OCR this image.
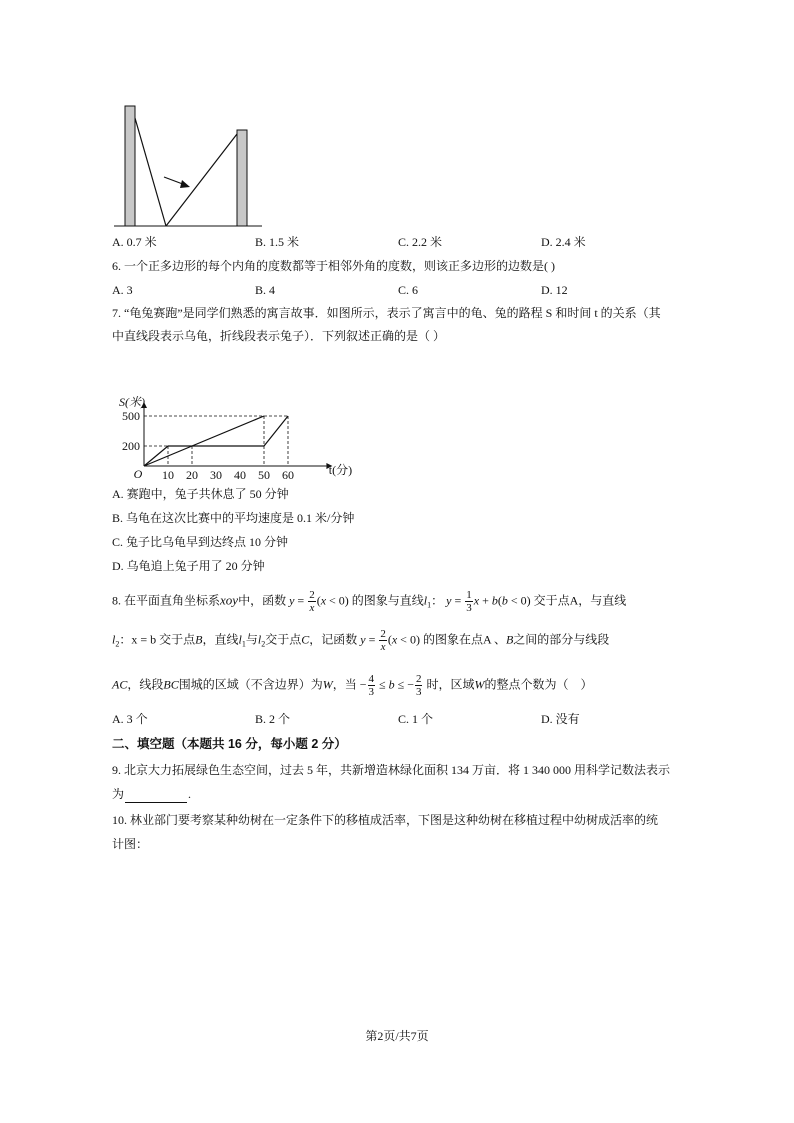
A. 0.7 米	B. 1.5 米	C. 2.2 米	D. 2.4 米
6. 一个正多边形的每个内角的度数都等于相邻外角的度数，则该正多边形的边数是( )
A. 3	B. 4	C. 6	D. 12
7. “龟兔赛跑”是同学们熟悉的寓言故事．如图所示，表示了寓言中的龟、兔的路程 S 和时间 t 的关系（其
中直线段表示乌龟，折线段表示兔子）．下列叙述正确的是（ ）
S(米)
t(分)
O 10 20 30 40 50 60
200
500
A. 赛跑中，兔子共休息了 50 分钟
B. 乌龟在这次比赛中的平均速度是 0.1 米/分钟
C. 兔子比乌龟早到达终点 10 分钟
D. 乌龟追上兔子用了 20 分钟
8. 在平面直角坐标系xoy中，函数 $y = \frac{2}{x} (x < 0)$ 的图象与直线$l_1$： $y = \frac{1}{3}$ x + b(b < 0) 交于点A，与直线
$l_2$：x = b 交于点B，直线$l_1$与$l_2$交于点C，记函数 $y = \frac{2}{x} (x < 0)$ 的图象在点A 、B之间的部分与线段
AC，线段BC围城的区域（不含边界）为W，当 − $\frac{4}{3} \le b$ ≤ − $\frac{2}{3}$ 时，区域W的整点个数为（　）
A. 3 个	B. 2 个	C. 1 个	D. 没有
二、填空题（本题共 16 分，每小题 2 分）
9. 北京大力拓展绿色生态空间，过去 5 年，共新增造林绿化面积 134 万亩．将 1 340 000 用科学记数法表示
为	.
10. 林业部门要考察某种幼树在一定条件下的移植成活率，下图是这种幼树在移植过程中幼树成活率的统
计图：
第2页/共7页
